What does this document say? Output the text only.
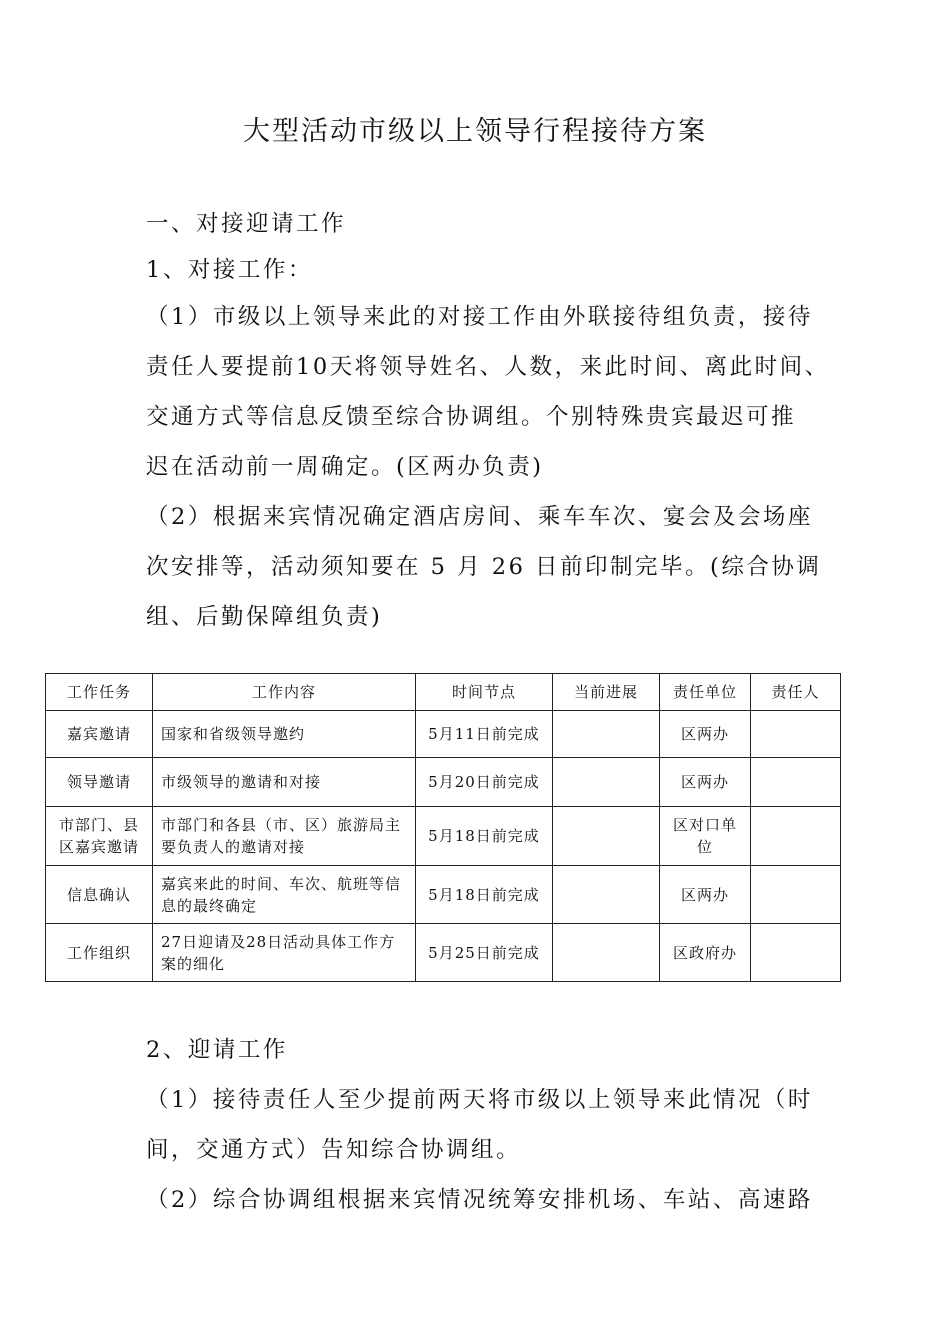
大型活动市级以上领导行程接待方案
一、对接迎请工作
1、对接工作：
（1）市级以上领导来此的对接工作由外联接待组负责，接待
责任人要提前10天将领导姓名、人数，来此时间、离此时间、
交通方式等信息反馈至综合协调组。个别特殊贵宾最迟可推
迟在活动前一周确定。(区两办负责)
（2）根据来宾情况确定酒店房间、乘车车次、宴会及会场座
次安排等，活动须知要在 5 月 26 日前印制完毕。(综合协调
组、后勤保障组负责)
工作任务	工作内容	时间节点	当前进展	责任单位	责任人
嘉宾邀请	国家和省级领导邀约	5月11日前完成		区两办	
领导邀请	市级领导的邀请和对接	5月20日前完成		区两办	
市部门、县区嘉宾邀请	市部门和各县（市、区）旅游局主要负责人的邀请对接	5月18日前完成		区对口单位	
信息确认	嘉宾来此的时间、车次、航班等信息的最终确定	5月18日前完成		区两办	
工作组织	27日迎请及28日活动具体工作方案的细化	5月25日前完成		区政府办	
2、迎请工作
（1）接待责任人至少提前两天将市级以上领导来此情况（时
间，交通方式）告知综合协调组。
（2）综合协调组根据来宾情况统筹安排机场、车站、高速路
